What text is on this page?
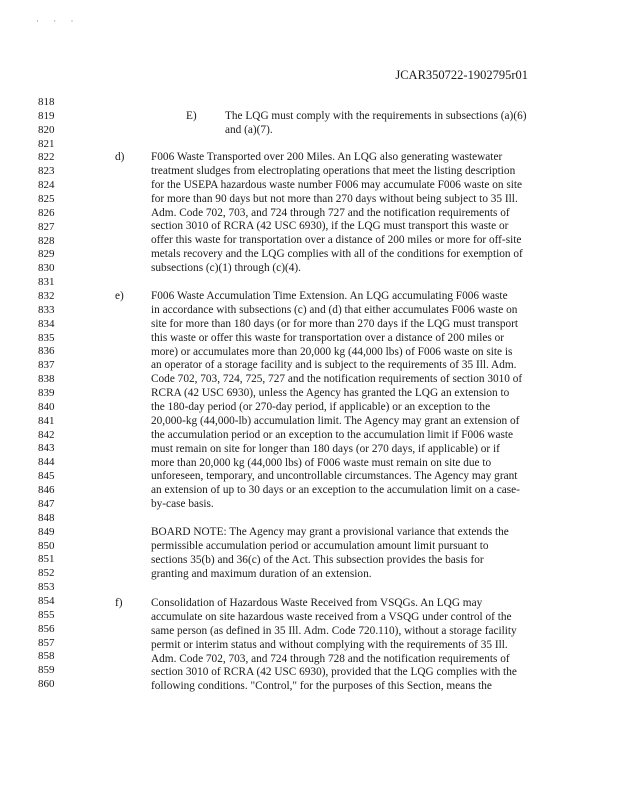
· · ·
JCAR350722-1902795r01
818
819
820
821
822
823
824
825
826
827
828
829
830
831
832
833
834
835
836
837
838
839
840
841
842
843
844
845
846
847
848
849
850
851
852
853
854
855
856
857
858
859
860
E)	The LQG must comply with the requirements in subsections (a)(6)

and (a)(7).

d) F006 Waste Transported over 200 Miles. An LQG also generating wastewater

treatment sludges from electroplating operations that meet the listing description

for the USEPA hazardous waste number F006 may accumulate F006 waste on site

for more than 90 days but not more than 270 days without being subject to 35 Ill.

Adm. Code 702, 703, and 724 through 727 and the notification requirements of

section 3010 of RCRA (42 USC 6930), if the LQG must transport this waste or

offer this waste for transportation over a distance of 200 miles or more for off-site

metals recovery and the LQG complies with all of the conditions for exemption of

subsections (c)(1) through (c)(4).

e) F006 Waste Accumulation Time Extension. An LQG accumulating F006 waste

in accordance with subsections (c) and (d) that either accumulates F006 waste on

site for more than 180 days (or for more than 270 days if the LQG must transport

this waste or offer this waste for transportation over a distance of 200 miles or

more) or accumulates more than 20,000 kg (44,000 lbs) of F006 waste on site is

an operator of a storage facility and is subject to the requirements of 35 Ill. Adm.

Code 702, 703, 724, 725, 727 and the notification requirements of section 3010 of

RCRA (42 USC 6930), unless the Agency has granted the LQG an extension to

the 180-day period (or 270-day period, if applicable) or an exception to the

20,000-kg (44,000-lb) accumulation limit. The Agency may grant an extension of

the accumulation period or an exception to the accumulation limit if F006 waste

must remain on site for longer than 180 days (or 270 days, if applicable) or if

more than 20,000 kg (44,000 lbs) of F006 waste must remain on site due to

unforeseen, temporary, and uncontrollable circumstances. The Agency may grant

an extension of up to 30 days or an exception to the accumulation limit on a case-

by-case basis.

BOARD NOTE: The Agency may grant a provisional variance that extends the

permissible accumulation period or accumulation amount limit pursuant to

sections 35(b) and 36(c) of the Act. This subsection provides the basis for

granting and maximum duration of an extension.

f)	Consolidation of Hazardous Waste Received from VSQGs. An LQG may

accumulate on site hazardous waste received from a VSQG under control of the

same person (as defined in 35 Ill. Adm. Code 720.110), without a storage facility

permit or interim status and without complying with the requirements of 35 Ill.

Adm. Code 702, 703, and 724 through 728 and the notification requirements of

section 3010 of RCRA (42 USC 6930), provided that the LQG complies with the

following conditions. "Control," for the purposes of this Section, means the
